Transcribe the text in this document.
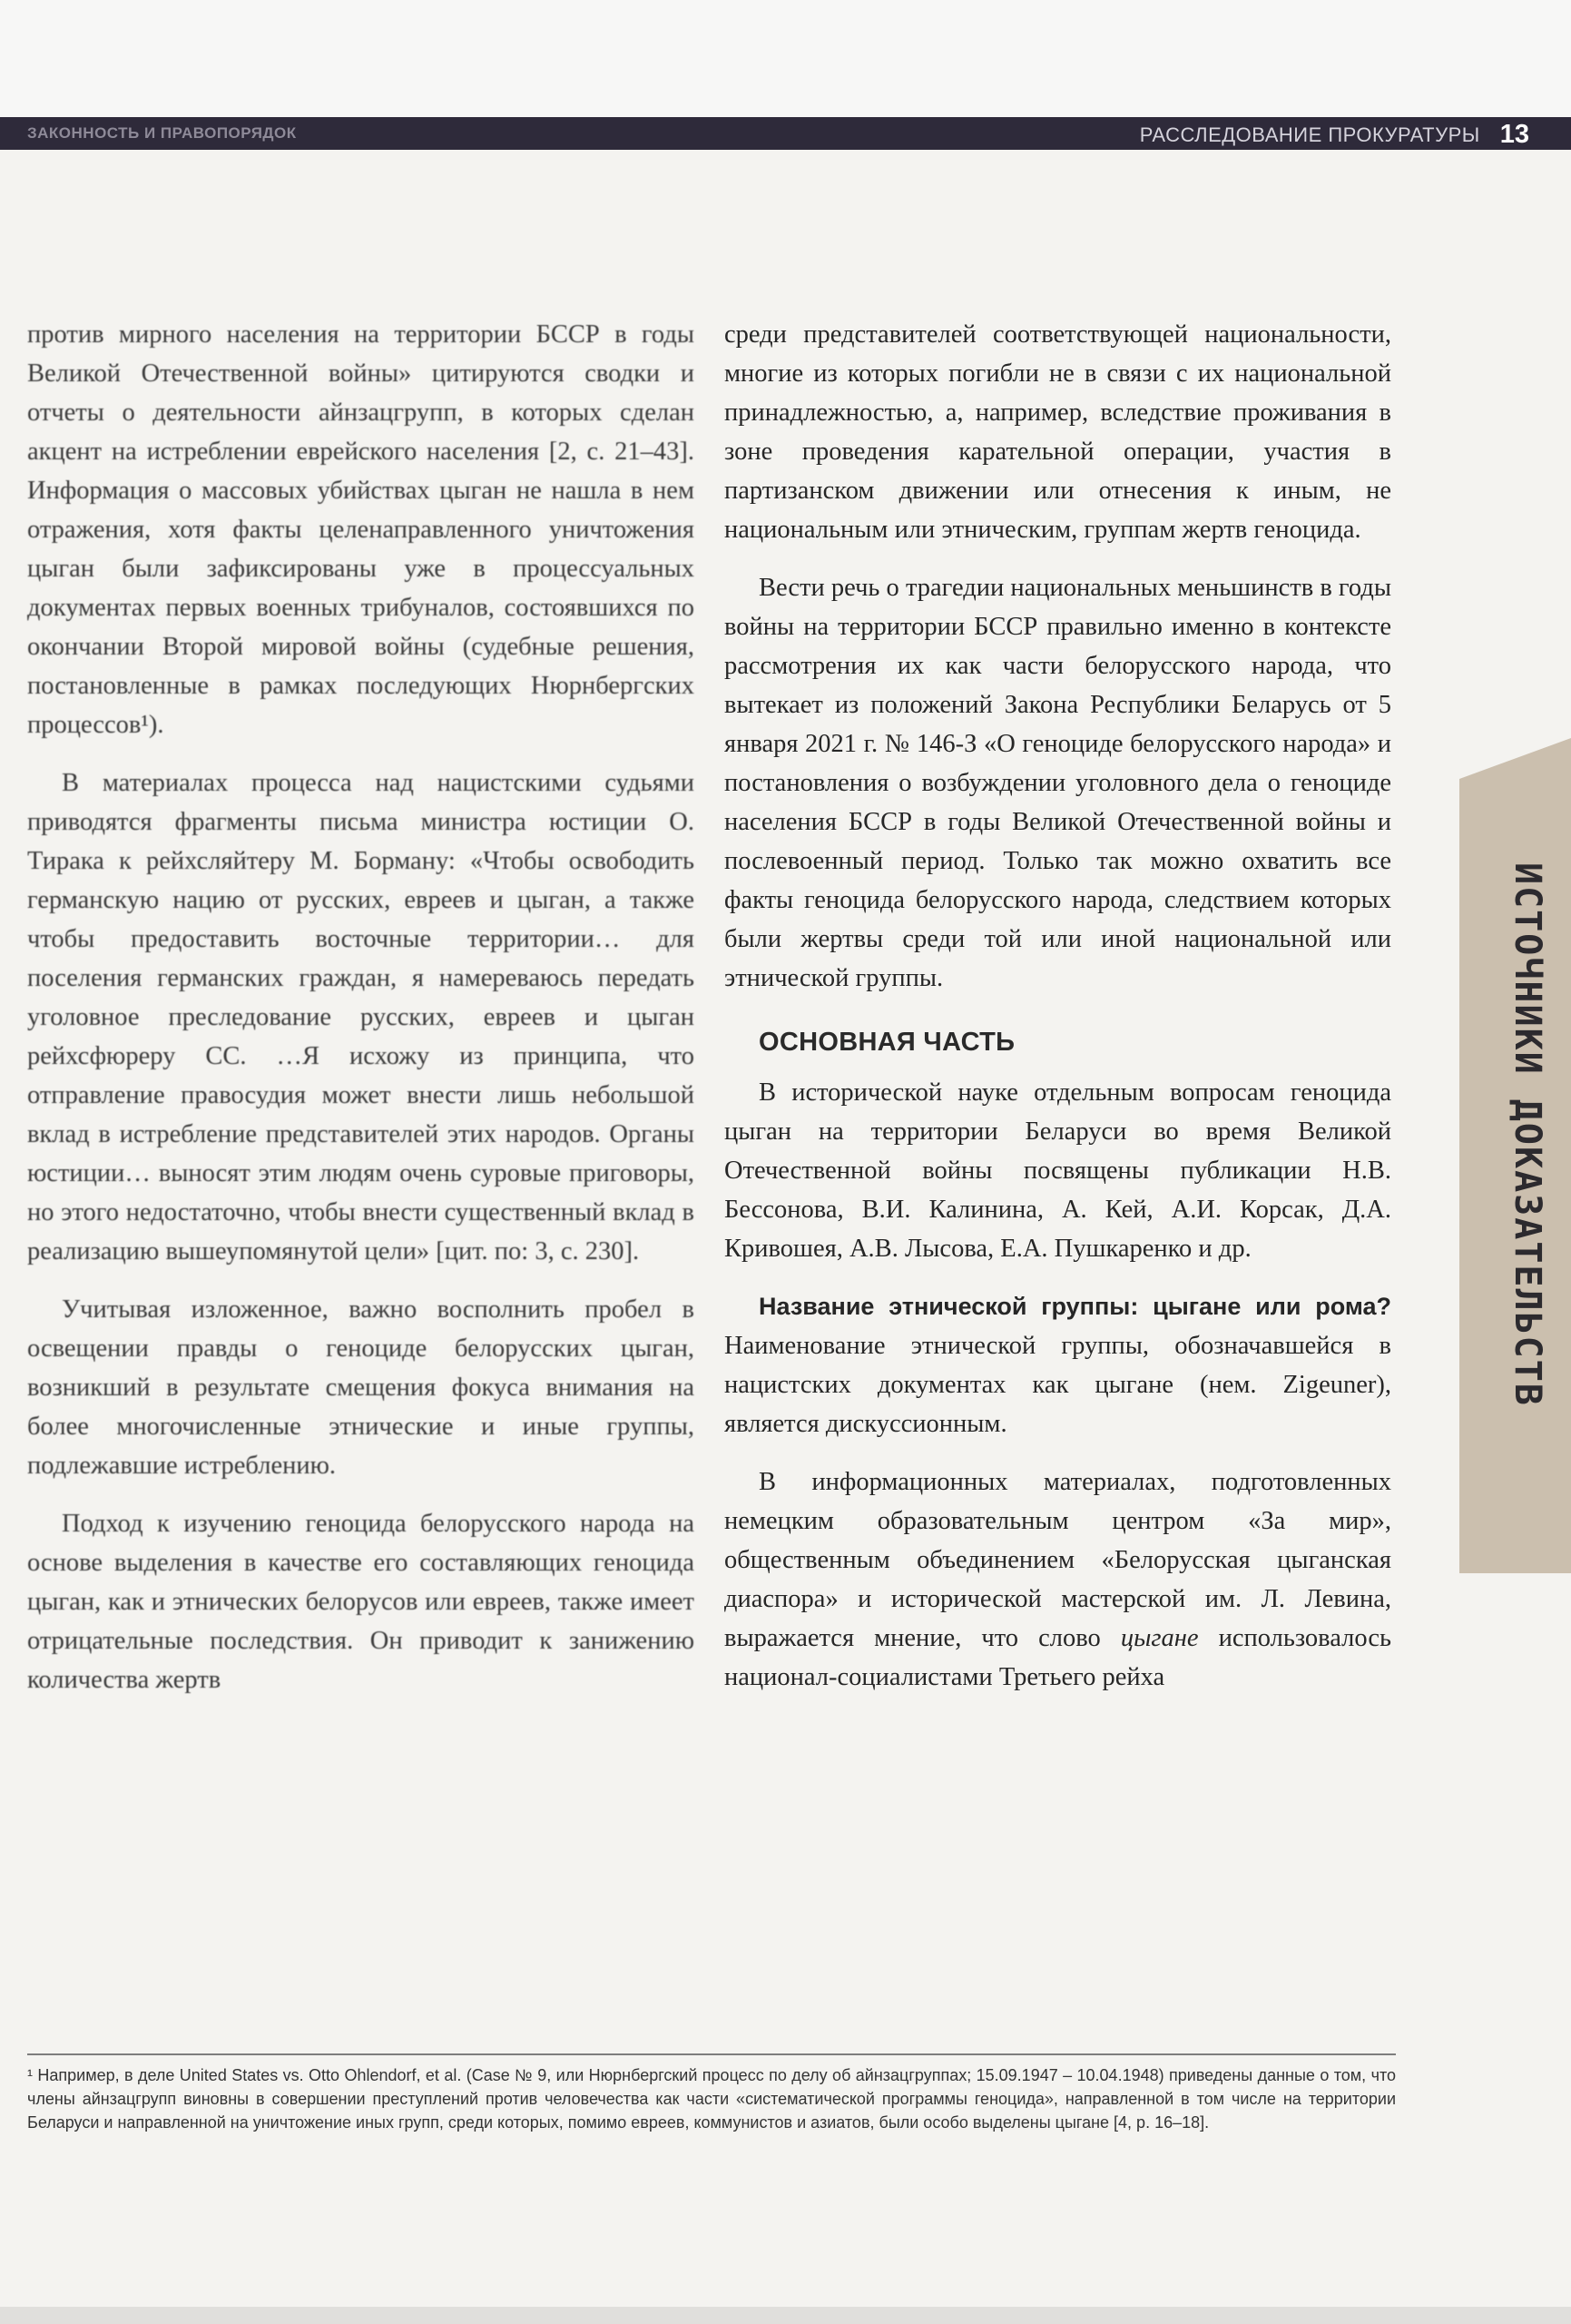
ЗАКОННОСТЬ И ПРАВОПОРЯДОК	РАССЛЕДОВАНИЕ ПРОКУРАТУРЫ 13

против мирного населения на территории БССР в годы Великой Отечественной войны» цитируются сводки и отчеты о деятельности айнзацгрупп, в которых сделан акцент на истреблении еврейского населения [2, с. 21–43]. Информация о массовых убийствах цыган не нашла в нем отражения, хотя факты целенаправленного уничтожения цыган были зафиксированы уже в процессуальных документах первых военных трибуналов, состоявшихся по окончании Второй мировой войны (судебные решения, постановленные в рамках последующих Нюрнбергских процессов¹).

В материалах процесса над нацистскими судьями приводятся фрагменты письма министра юстиции О. Тирака к рейхсляйтеру М. Борману: «Чтобы освободить германскую нацию от русских, евреев и цыган, а также чтобы предоставить восточные территории… для поселения германских граждан, я намереваюсь передать уголовное преследование русских, евреев и цыган рейхсфюреру СС. …Я исхожу из принципа, что отправление правосудия может внести лишь небольшой вклад в истребление представителей этих народов. Органы юстиции… выносят этим людям очень суровые приговоры, но этого недостаточно, чтобы внести существенный вклад в реализацию вышеупомянутой цели» [цит. по: 3, с. 230].

Учитывая изложенное, важно восполнить пробел в освещении правды о геноциде белорусских цыган, возникший в результате смещения фокуса внимания на более многочисленные этнические и иные группы, подлежавшие истреблению.

Подход к изучению геноцида белорусского народа на основе выделения в качестве его составляющих геноцида цыган, как и этнических белорусов или евреев, также имеет отрицательные последствия. Он приводит к занижению количества жертв

среди представителей соответствующей национальности, многие из которых погибли не в связи с их национальной принадлежностью, а, например, вследствие проживания в зоне проведения карательной операции, участия в партизанском движении или отнесения к иным, не национальным или этническим, группам жертв геноцида.

Вести речь о трагедии национальных меньшинств в годы войны на территории БССР правильно именно в контексте рассмотрения их как части белорусского народа, что вытекает из положений Закона Республики Беларусь от 5 января 2021 г. № 146-З «О геноциде белорусского народа» и постановления о возбуждении уголовного дела о геноциде населения БССР в годы Великой Отечественной войны и послевоенный период. Только так можно охватить все факты геноцида белорусского народа, следствием которых были жертвы среди той или иной национальной или этнической группы.

ОСНОВНАЯ ЧАСТЬ

В исторической науке отдельным вопросам геноцида цыган на территории Беларуси во время Великой Отечественной войны посвящены публикации Н.В. Бессонова, В.И. Калинина, А. Кей, А.И. Корсак, Д.А. Кривошея, А.В. Лысова, Е.А. Пушкаренко и др.

Название этнической группы: цыгане или рома? Наименование этнической группы, обозначавшейся в нацистских документах как цыгане (нем. Zigeuner), является дискуссионным.

В информационных материалах, подготовленных немецким образовательным центром «За мир», общественным объединением «Белорусская цыганская диаспора» и исторической мастерской им. Л. Левина, выражается мнение, что слово цыгане использовалось национал-социалистами Третьего рейха

ИСТОЧНИКИ ДОКАЗАТЕЛЬСТВ
¹ Например, в деле United States vs. Otto Ohlendorf, et al. (Case № 9, или Нюрнбергский процесс по делу об айнзацгруппах; 15.09.1947 – 10.04.1948) приведены данные о том, что члены айнзацгрупп виновны в совершении преступлений против человечества как части «систематической программы геноцида», направленной в том числе на территории Беларуси и направленной на уничтожение иных групп, среди которых, помимо евреев, коммунистов и азиатов, были особо выделены цыгане [4, p. 16–18].
